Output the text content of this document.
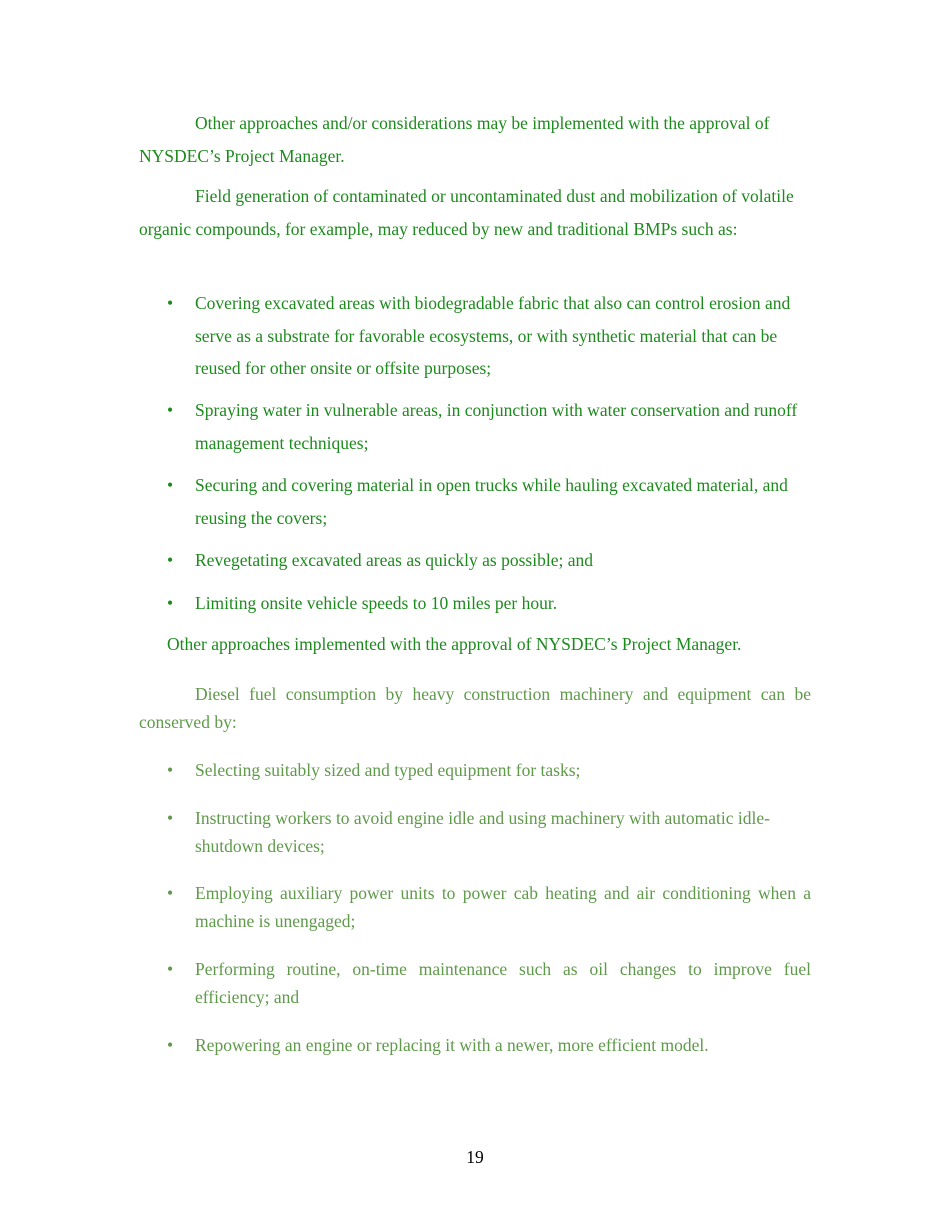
Other approaches and/or considerations may be implemented with the approval of NYSDEC’s Project Manager.

Field generation of contaminated or uncontaminated dust and mobilization of volatile organic compounds, for example, may reduced by new and traditional BMPs such as:

•	Covering excavated areas with biodegradable fabric that also can control erosion and serve as a substrate for favorable ecosystems, or with synthetic material that can be reused for other onsite or offsite purposes;
•	Spraying water in vulnerable areas, in conjunction with water conservation and runoff management techniques;
•	Securing and covering material in open trucks while hauling excavated material, and reusing the covers;
•	Revegetating excavated areas as quickly as possible; and
•	Limiting onsite vehicle speeds to 10 miles per hour.

Other approaches implemented with the approval of NYSDEC’s Project Manager.

Diesel fuel consumption by heavy construction machinery and equipment can be conserved by:

•	Selecting suitably sized and typed equipment for tasks;
•	Instructing workers to avoid engine idle and using machinery with automatic idle-shutdown devices;
•	Employing auxiliary power units to power cab heating and air conditioning when a machine is unengaged;
•	Performing routine, on-time maintenance such as oil changes to improve fuel efficiency; and
•	Repowering an engine or replacing it with a newer, more efficient model.
19
